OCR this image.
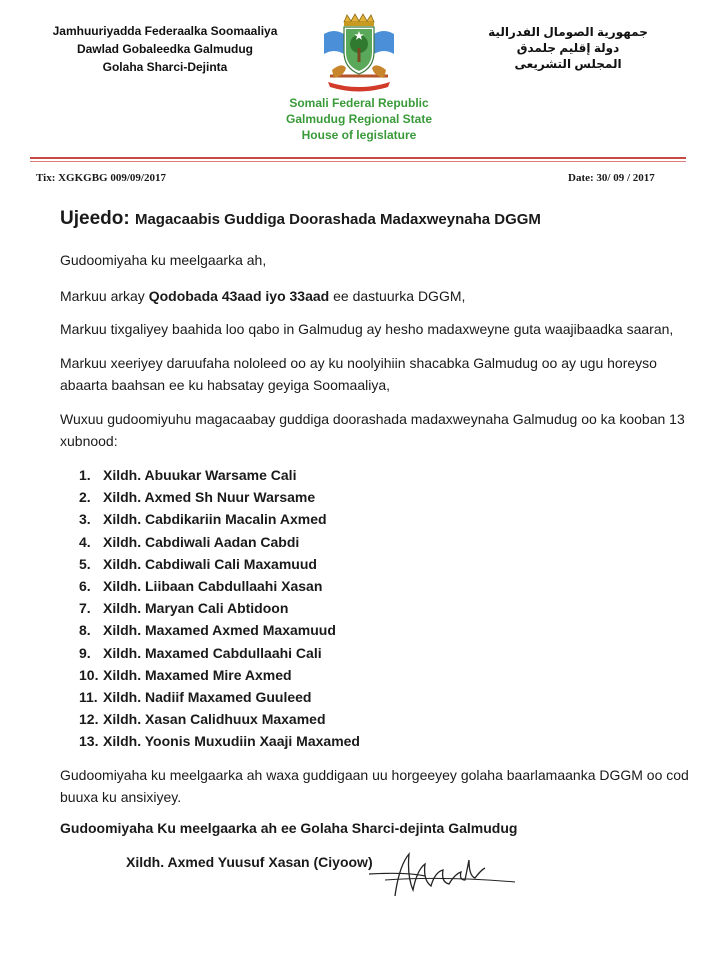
Jamhuuriyadda Federaalka Soomaaliya
Dawlad Gobaleedka Galmudug
Golaha Sharci-Dejinta
جمهورية الصومال الفدرالية
دولة إقليم جلمدق
المجلس التشريعى
Somali Federal Republic
Galmudug Regional State
House of legislature
Tix: XGKGBG 009/09/2017	Date: 30/ 09 / 2017
Ujeedo: Magacaabis Guddiga Doorashada Madaxweynaha DGGM
Gudoomiyaha ku meelgaarka ah,
Markuu arkay Qodobada 43aad iyo 33aad ee dastuurka DGGM,
Markuu tixgaliyey baahida loo qabo in Galmudug ay hesho madaxweyne guta waajibaadka saaran,
Markuu xeeriyey daruufaha nololeed oo ay ku noolyihiin shacabka Galmudug oo ay ugu horeyso abaarta baahsan ee ku habsatay geyiga Soomaaliya,
Wuxuu gudoomiyuhu magacaabay guddiga doorashada madaxweynaha Galmudug oo ka kooban 13 xubnood:
1. Xildh. Abuukar Warsame Cali
2. Xildh. Axmed Sh Nuur Warsame
3. Xildh. Cabdikariin Macalin Axmed
4. Xildh. Cabdiwali Aadan Cabdi
5. Xildh. Cabdiwali Cali Maxamuud
6. Xildh. Liibaan Cabdullaahi Xasan
7. Xildh. Maryan Cali Abtidoon
8. Xildh. Maxamed Axmed Maxamuud
9. Xildh. Maxamed Cabdullaahi Cali
10. Xildh. Maxamed Mire Axmed
11. Xildh. Nadiif Maxamed Guuleed
12. Xildh. Xasan Calidhuux Maxamed
13. Xildh. Yoonis Muxudiin Xaaji Maxamed
Gudoomiyaha ku meelgaarka ah waxa guddigaan uu horgeeyey golaha baarlamaanka DGGM oo cod buuxa ku ansixiyey.
Gudoomiyaha Ku meelgaarka ah ee Golaha Sharci-dejinta Galmudug
Xildh. Axmed Yuusuf Xasan (Ciyoow)
